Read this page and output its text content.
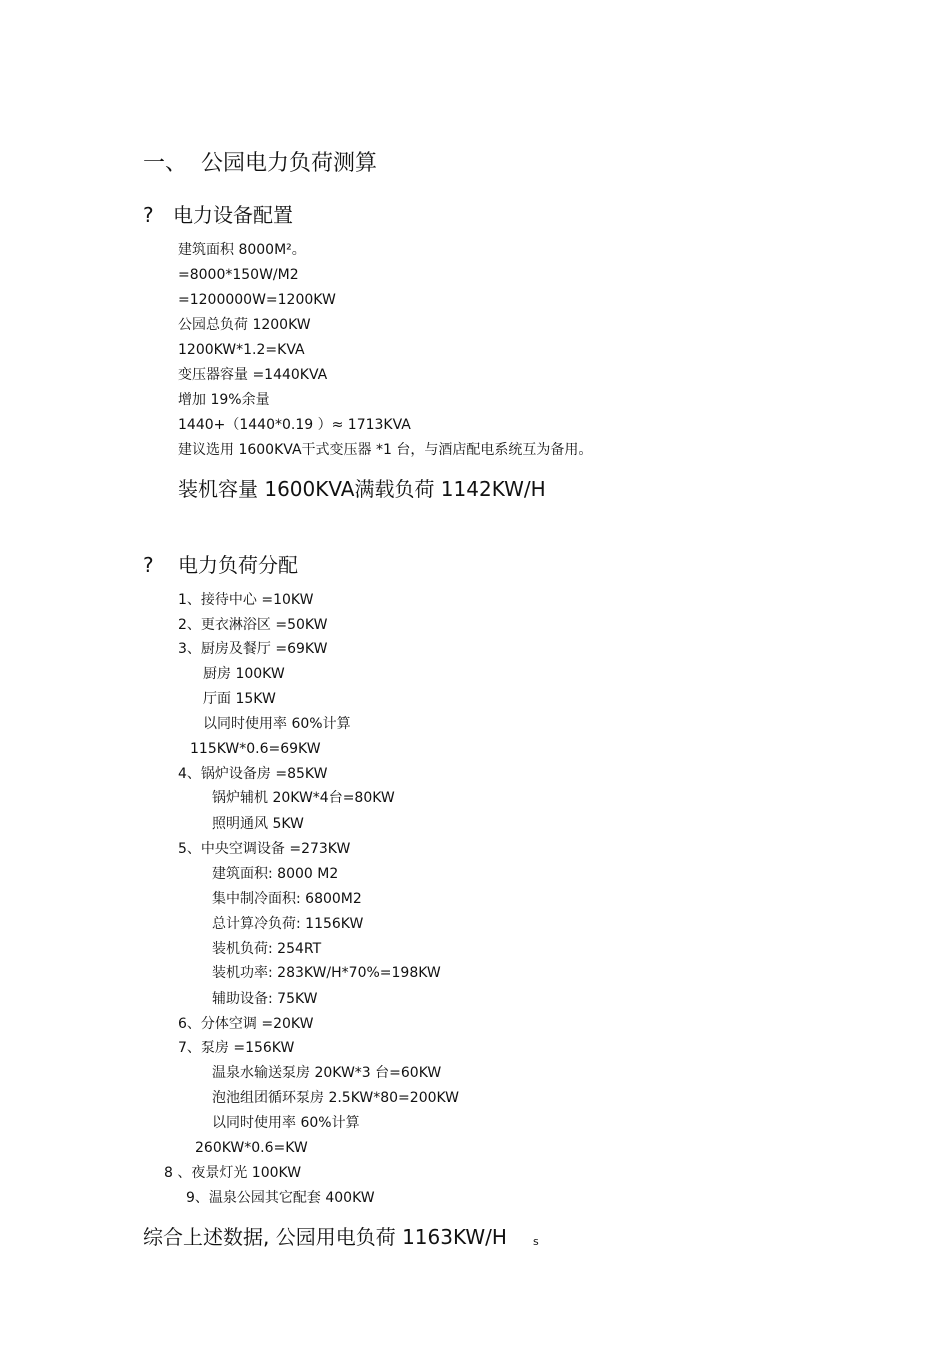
一、 公园电力负荷测算
? 电力设备配置
建筑面积 8000M²。
=8000*150W/M2
=1200000W=1200KW
公园总负荷 1200KW
1200KW*1.2=KVA
变压器容量 =1440KVA
增加 19%余量
1440+（1440*0.19 ）≈ 1713KVA
建议选用 1600KVA干式变压器 *1 台，与酒店配电系统互为备用。
装机容量 1600KVA满载负荷 1142KW/H
? 电力负荷分配
1、接待中心 =10KW
2、更衣淋浴区 =50KW
3、厨房及餐厅 =69KW
厨房 100KW
厅面 15KW
以同时使用率 60%计算
115KW*0.6=69KW
4、锅炉设备房 =85KW
锅炉辅机 20KW*4台=80KW
照明通风 5KW
5、中央空调设备 =273KW
建筑面积: 8000 M2
集中制冷面积: 6800M2
总计算冷负荷: 1156KW
装机负荷: 254RT
装机功率: 283KW/H*70%=198KW
辅助设备: 75KW
6、分体空调 =20KW
7、泵房 =156KW
温泉水输送泵房 20KW*3 台=60KW
泡池组团循环泵房 2.5KW*80=200KW
以同时使用率 60%计算
260KW*0.6=KW
8 、夜景灯光 100KW
9、温泉公园其它配套 400KW
综合上述数据, 公园用电负荷 1163KW/H s
